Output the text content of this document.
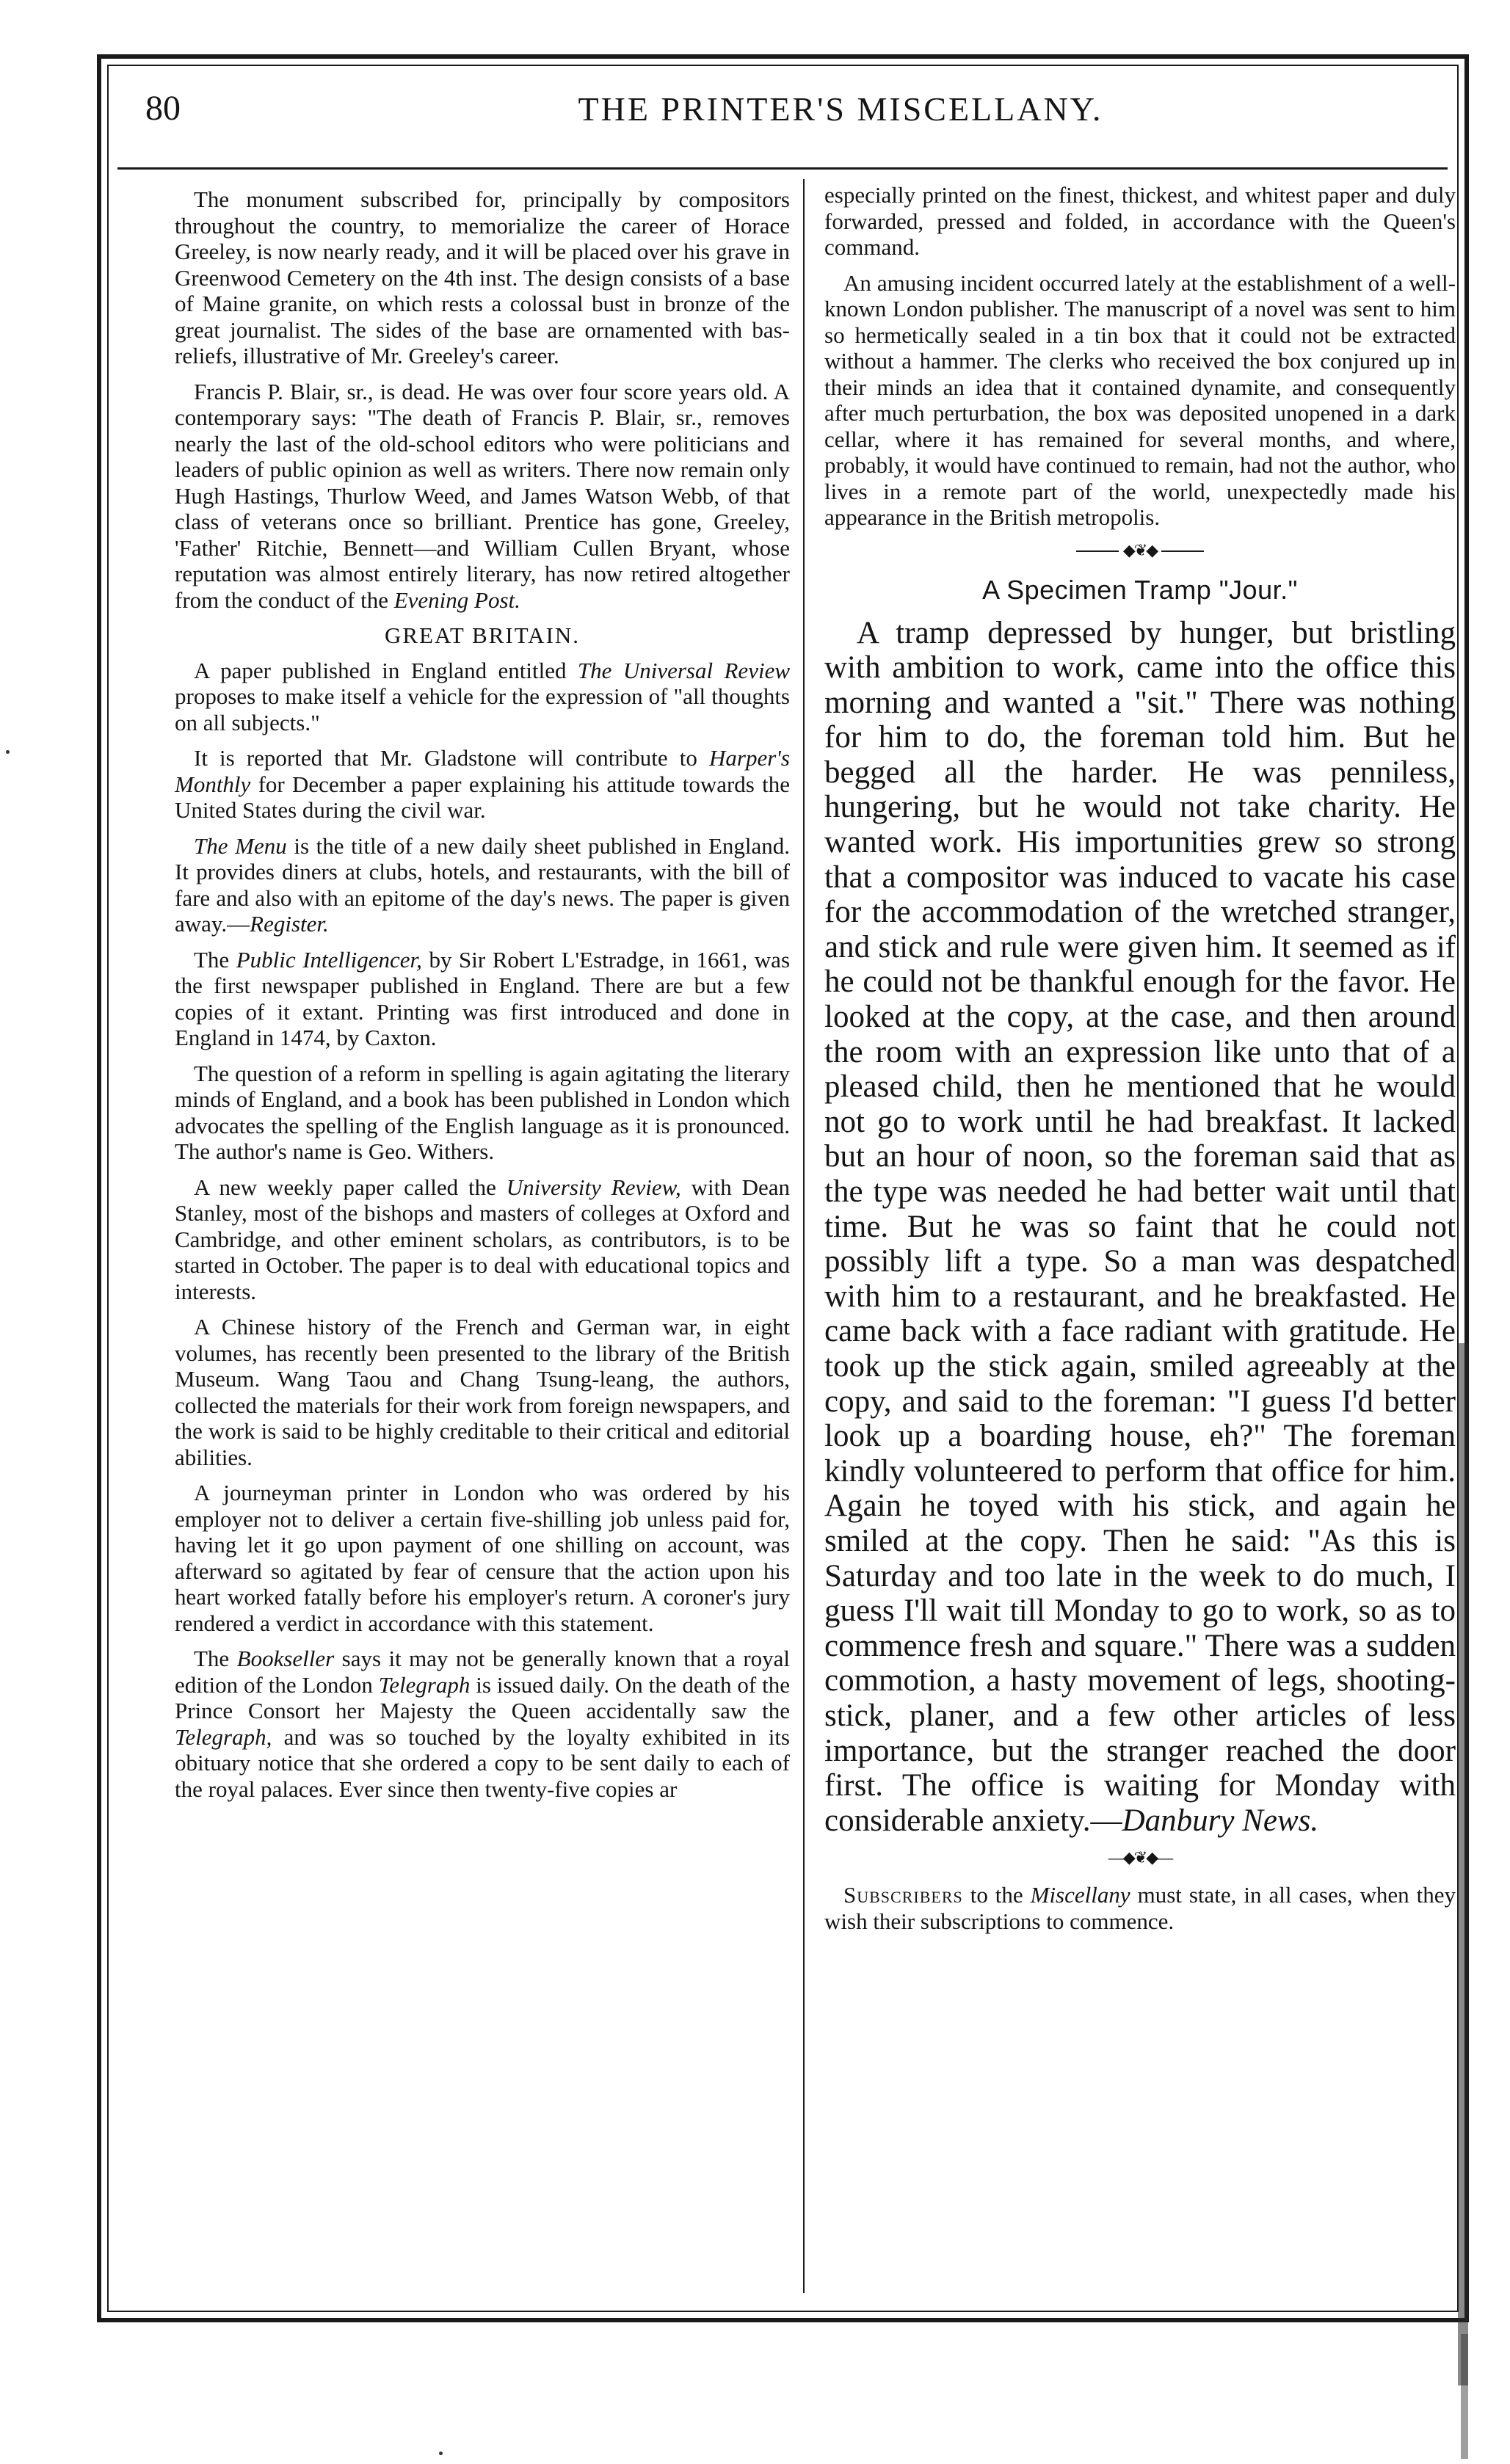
80	THE PRINTER'S MISCELLANY.

The monument subscribed for, principally by compositors throughout the country, to memorialize the career of Horace Greeley, is now nearly ready, and it will be placed over his grave in Greenwood Cemetery on the 4th inst. The design consists of a base of Maine granite, on which rests a colossal bust in bronze of the great journalist. The sides of the base are ornamented with bas-reliefs, illustrative of Mr. Greeley's career.

Francis P. Blair, sr., is dead. He was over four score years old. A contemporary says: "The death of Francis P. Blair, sr., removes nearly the last of the old-school editors who were politicians and leaders of public opinion as well as writers. There now remain only Hugh Hastings, Thurlow Weed, and James Watson Webb, of that class of veterans once so brilliant. Prentice has gone, Greeley, 'Father' Ritchie, Bennett—and William Cullen Bryant, whose reputation was almost entirely literary, has now retired altogether from the conduct of the Evening Post.

GREAT BRITAIN.

A paper published in England entitled The Universal Review proposes to make itself a vehicle for the expression of "all thoughts on all subjects."

It is reported that Mr. Gladstone will contribute to Harper's Monthly for December a paper explaining his attitude towards the United States during the civil war.

The Menu is the title of a new daily sheet published in England. It provides diners at clubs, hotels, and restaurants, with the bill of fare and also with an epitome of the day's news. The paper is given away.—Register.

The Public Intelligencer, by Sir Robert L'Estradge, in 1661, was the first newspaper published in England. There are but a few copies of it extant. Printing was first introduced and done in England in 1474, by Caxton.

The question of a reform in spelling is again agitating the literary minds of England, and a book has been published in London which advocates the spelling of the English language as it is pronounced. The author's name is Geo. Withers.

A new weekly paper called the University Review, with Dean Stanley, most of the bishops and masters of colleges at Oxford and Cambridge, and other eminent scholars, as contributors, is to be started in October. The paper is to deal with educational topics and interests.

A Chinese history of the French and German war, in eight volumes, has recently been presented to the library of the British Museum. Wang Taou and Chang Tsung-leang, the authors, collected the materials for their work from foreign newspapers, and the work is said to be highly creditable to their critical and editorial abilities.

A journeyman printer in London who was ordered by his employer not to deliver a certain five-shilling job unless paid for, having let it go upon payment of one shilling on account, was afterward so agitated by fear of censure that the action upon his heart worked fatally before his employer's return. A coroner's jury rendered a verdict in accordance with this statement.

The Bookseller says it may not be generally known that a royal edition of the London Telegraph is issued daily. On the death of the Prince Consort her Majesty the Queen accidentally saw the Telegraph, and was so touched by the loyalty exhibited in its obituary notice that she ordered a copy to be sent daily to each of the royal palaces. Ever since then twenty-five copies ar

especially printed on the finest, thickest, and whitest paper and duly forwarded, pressed and folded, in accordance with the Queen's command.

An amusing incident occurred lately at the establishment of a well-known London publisher. The manuscript of a novel was sent to him so hermetically sealed in a tin box that it could not be extracted without a hammer. The clerks who received the box conjured up in their minds an idea that it contained dynamite, and consequently after much perturbation, the box was deposited unopened in a dark cellar, where it has remained for several months, and where, probably, it would have continued to remain, had not the author, who lives in a remote part of the world, unexpectedly made his appearance in the British metropolis.

◆❦◆
A Specimen Tramp "Jour."

A tramp depressed by hunger, but bristling with ambition to work, came into the office this morning and wanted a "sit." There was nothing for him to do, the foreman told him. But he begged all the harder. He was penniless, hungering, but he would not take charity. He wanted work. His importunities grew so strong that a compositor was induced to vacate his case for the accommodation of the wretched stranger, and stick and rule were given him. It seemed as if he could not be thankful enough for the favor. He looked at the copy, at the case, and then around the room with an expression like unto that of a pleased child, then he mentioned that he would not go to work until he had breakfast. It lacked but an hour of noon, so the foreman said that as the type was needed he had better wait until that time. But he was so faint that he could not possibly lift a type. So a man was despatched with him to a restaurant, and he breakfasted. He came back with a face radiant with gratitude. He took up the stick again, smiled agreeably at the copy, and said to the foreman: "I guess I'd better look up a boarding house, eh?" The foreman kindly volunteered to perform that office for him. Again he toyed with his stick, and again he smiled at the copy. Then he said: "As this is Saturday and too late in the week to do much, I guess I'll wait till Monday to go to work, so as to commence fresh and square." There was a sudden commotion, a hasty movement of legs, shooting-stick, planer, and a few other articles of less importance, but the stranger reached the door first. The office is waiting for Monday with considerable anxiety.—Danbury News.

—◆❦◆—

Subscribers to the Miscellany must state, in all cases, when they wish their subscriptions to commence.
